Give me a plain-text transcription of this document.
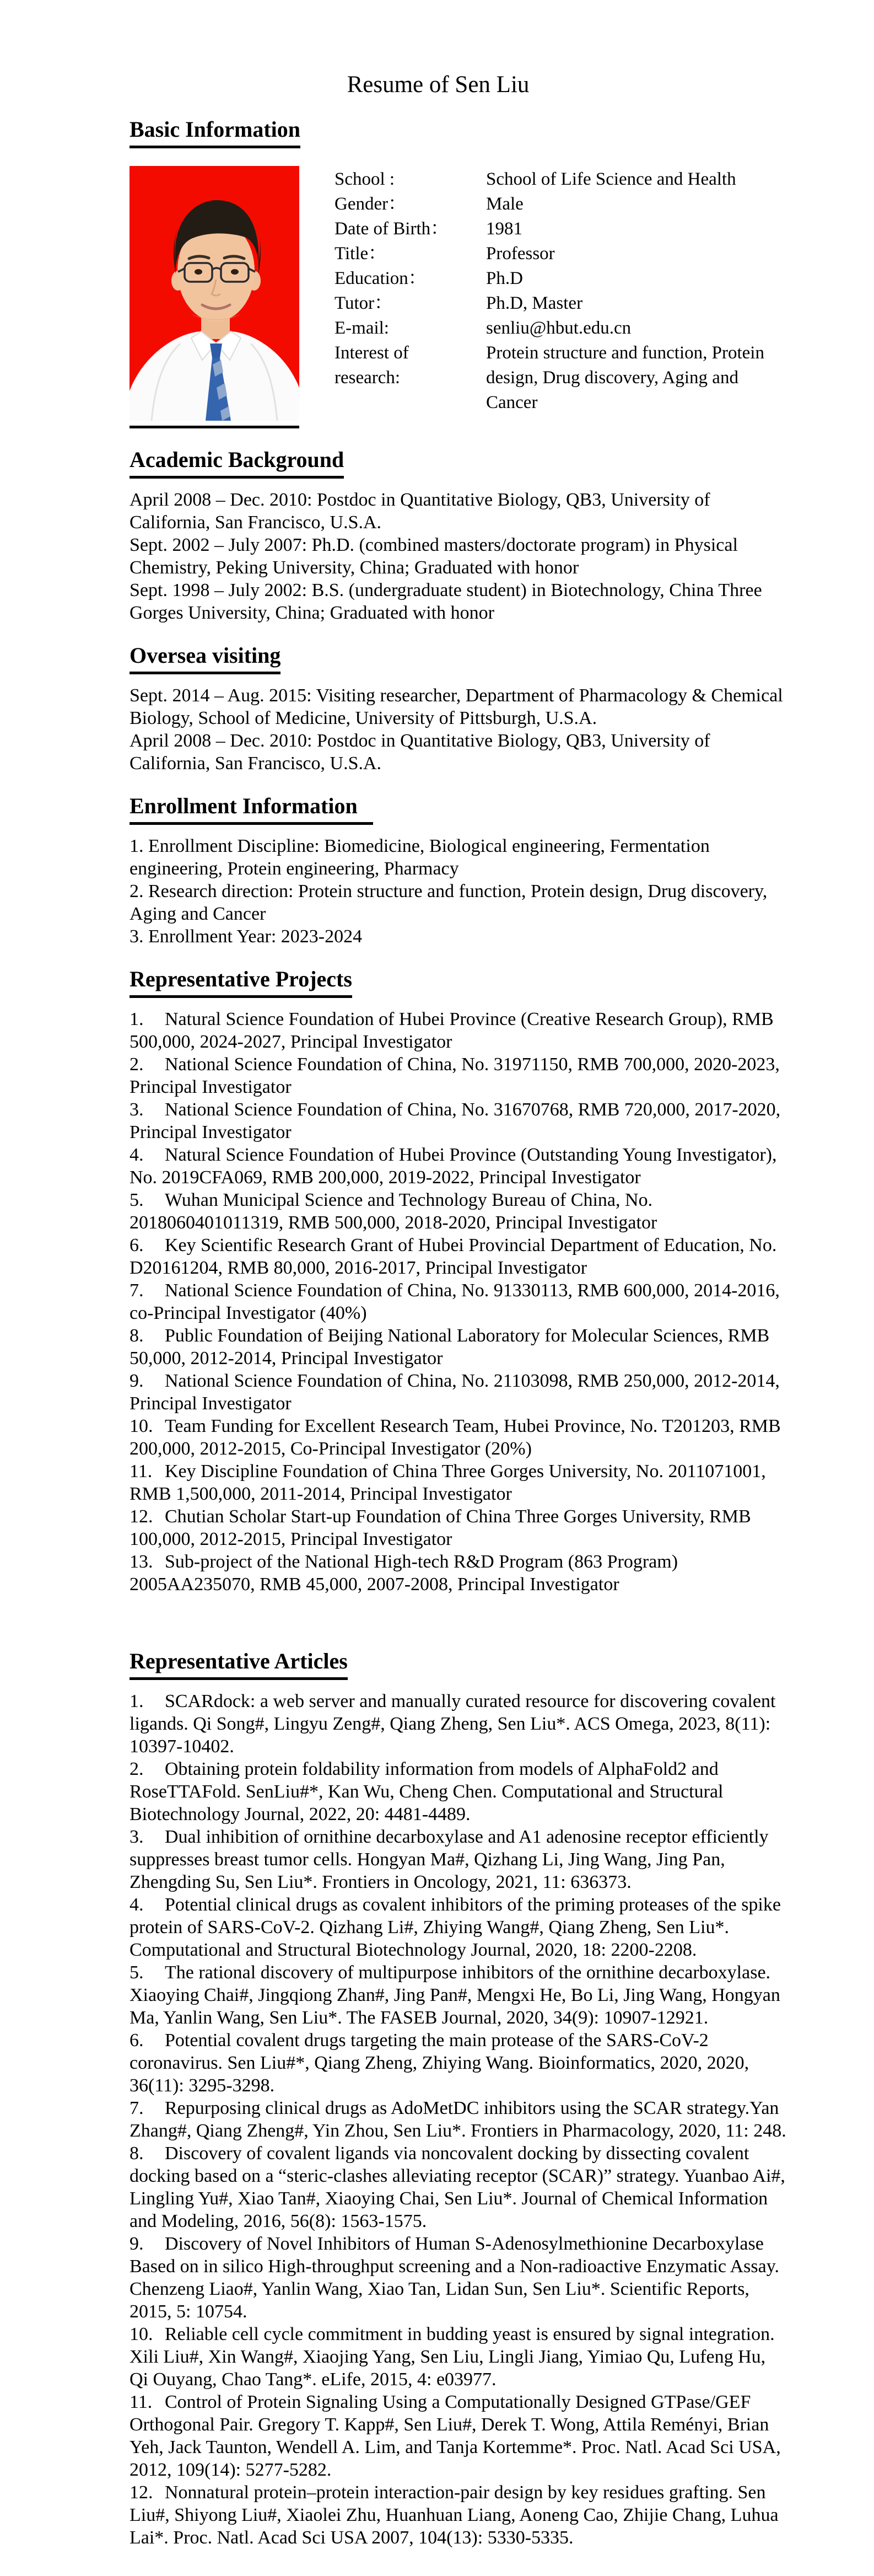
Resume of Sen Liu
Basic Information
School :	School of Life Science and Health
Gender：	Male
Date of Birth：	1981
Title：	Professor
Education：	Ph.D
Tutor：	Ph.D, Master
E-mail:	senliu@hbut.edu.cn
Interest of	Protein structure and function, Protein
research:	design, Drug discovery, Aging and
Cancer
Academic Background
April 2008 – Dec. 2010: Postdoc in Quantitative Biology, QB3, University of
California, San Francisco, U.S.A.
Sept. 2002 – July 2007: Ph.D. (combined masters/doctorate program) in Physical
Chemistry, Peking University, China; Graduated with honor
Sept. 1998 – July 2002: B.S. (undergraduate student) in Biotechnology, China Three
Gorges University, China; Graduated with honor
Oversea visiting
Sept. 2014 – Aug. 2015: Visiting researcher, Department of Pharmacology & Chemical
Biology, School of Medicine, University of Pittsburgh, U.S.A.
April 2008 – Dec. 2010: Postdoc in Quantitative Biology, QB3, University of
California, San Francisco, U.S.A.
Enrollment Information
1. Enrollment Discipline: Biomedicine, Biological engineering, Fermentation
engineering, Protein engineering, Pharmacy
2. Research direction: Protein structure and function, Protein design, Drug discovery,
Aging and Cancer
3. Enrollment Year: 2023-2024
Representative Projects
1. Natural Science Foundation of Hubei Province (Creative Research Group), RMB
500,000, 2024-2027, Principal Investigator
2. National Science Foundation of China, No. 31971150, RMB 700,000, 2020-2023,
Principal Investigator
3. National Science Foundation of China, No. 31670768, RMB 720,000, 2017-2020,
Principal Investigator
4. Natural Science Foundation of Hubei Province (Outstanding Young Investigator),
No. 2019CFA069, RMB 200,000, 2019-2022, Principal Investigator
5. Wuhan Municipal Science and Technology Bureau of China, No.
2018060401011319, RMB 500,000, 2018-2020, Principal Investigator
6. Key Scientific Research Grant of Hubei Provincial Department of Education, No.
D20161204, RMB 80,000, 2016-2017, Principal Investigator
7. National Science Foundation of China, No. 91330113, RMB 600,000, 2014-2016,
co-Principal Investigator (40%)
8. Public Foundation of Beijing National Laboratory for Molecular Sciences, RMB
50,000, 2012-2014, Principal Investigator
9. National Science Foundation of China, No. 21103098, RMB 250,000, 2012-2014,
Principal Investigator
10. Team Funding for Excellent Research Team, Hubei Province, No. T201203, RMB
200,000, 2012-2015, Co-Principal Investigator (20%)
11. Key Discipline Foundation of China Three Gorges University, No. 2011071001,
RMB 1,500,000, 2011-2014, Principal Investigator
12. Chutian Scholar Start-up Foundation of China Three Gorges University, RMB
100,000, 2012-2015, Principal Investigator
13. Sub-project of the National High-tech R&D Program (863 Program)
2005AA235070, RMB 45,000, 2007-2008, Principal Investigator
Representative Articles
1. SCARdock: a web server and manually curated resource for discovering covalent
ligands. Qi Song#, Lingyu Zeng#, Qiang Zheng, Sen Liu*. ACS Omega, 2023, 8(11):
10397-10402.
2. Obtaining protein foldability information from models of AlphaFold2 and
RoseTTAFold. SenLiu#*, Kan Wu, Cheng Chen. Computational and Structural
Biotechnology Journal, 2022, 20: 4481-4489.
3. Dual inhibition of ornithine decarboxylase and A1 adenosine receptor efficiently
suppresses breast tumor cells. Hongyan Ma#, Qizhang Li, Jing Wang, Jing Pan,
Zhengding Su, Sen Liu*. Frontiers in Oncology, 2021, 11: 636373.
4. Potential clinical drugs as covalent inhibitors of the priming proteases of the spike
protein of SARS-CoV-2. Qizhang Li#, Zhiying Wang#, Qiang Zheng, Sen Liu*.
Computational and Structural Biotechnology Journal, 2020, 18: 2200-2208.
5. The rational discovery of multipurpose inhibitors of the ornithine decarboxylase.
Xiaoying Chai#, Jingqiong Zhan#, Jing Pan#, Mengxi He, Bo Li, Jing Wang, Hongyan
Ma, Yanlin Wang, Sen Liu*. The FASEB Journal, 2020, 34(9): 10907-12921.
6. Potential covalent drugs targeting the main protease of the SARS-CoV-2
coronavirus. Sen Liu#*, Qiang Zheng, Zhiying Wang. Bioinformatics, 2020, 2020,
36(11): 3295-3298.
7. Repurposing clinical drugs as AdoMetDC inhibitors using the SCAR strategy.Yan
Zhang#, Qiang Zheng#, Yin Zhou, Sen Liu*. Frontiers in Pharmacology, 2020, 11: 248.
8. Discovery of covalent ligands via noncovalent docking by dissecting covalent
docking based on a “steric-clashes alleviating receptor (SCAR)” strategy. Yuanbao Ai#,
Lingling Yu#, Xiao Tan#, Xiaoying Chai, Sen Liu*. Journal of Chemical Information
and Modeling, 2016, 56(8): 1563-1575.
9. Discovery of Novel Inhibitors of Human S-Adenosylmethionine Decarboxylase
Based on in silico High-throughput screening and a Non-radioactive Enzymatic Assay.
Chenzeng Liao#, Yanlin Wang, Xiao Tan, Lidan Sun, Sen Liu*. Scientific Reports,
2015, 5: 10754.
10. Reliable cell cycle commitment in budding yeast is ensured by signal integration.
Xili Liu#, Xin Wang#, Xiaojing Yang, Sen Liu, Lingli Jiang, Yimiao Qu, Lufeng Hu,
Qi Ouyang, Chao Tang*. eLife, 2015, 4: e03977.
11. Control of Protein Signaling Using a Computationally Designed GTPase/GEF
Orthogonal Pair. Gregory T. Kapp#, Sen Liu#, Derek T. Wong, Attila Reményi, Brian
Yeh, Jack Taunton, Wendell A. Lim, and Tanja Kortemme*. Proc. Natl. Acad Sci USA,
2012, 109(14): 5277-5282.
12. Nonnatural protein–protein interaction-pair design by key residues grafting. Sen
Liu#, Shiyong Liu#, Xiaolei Zhu, Huanhuan Liang, Aoneng Cao, Zhijie Chang, Luhua
Lai*. Proc. Natl. Acad Sci USA 2007, 104(13): 5330-5335.
